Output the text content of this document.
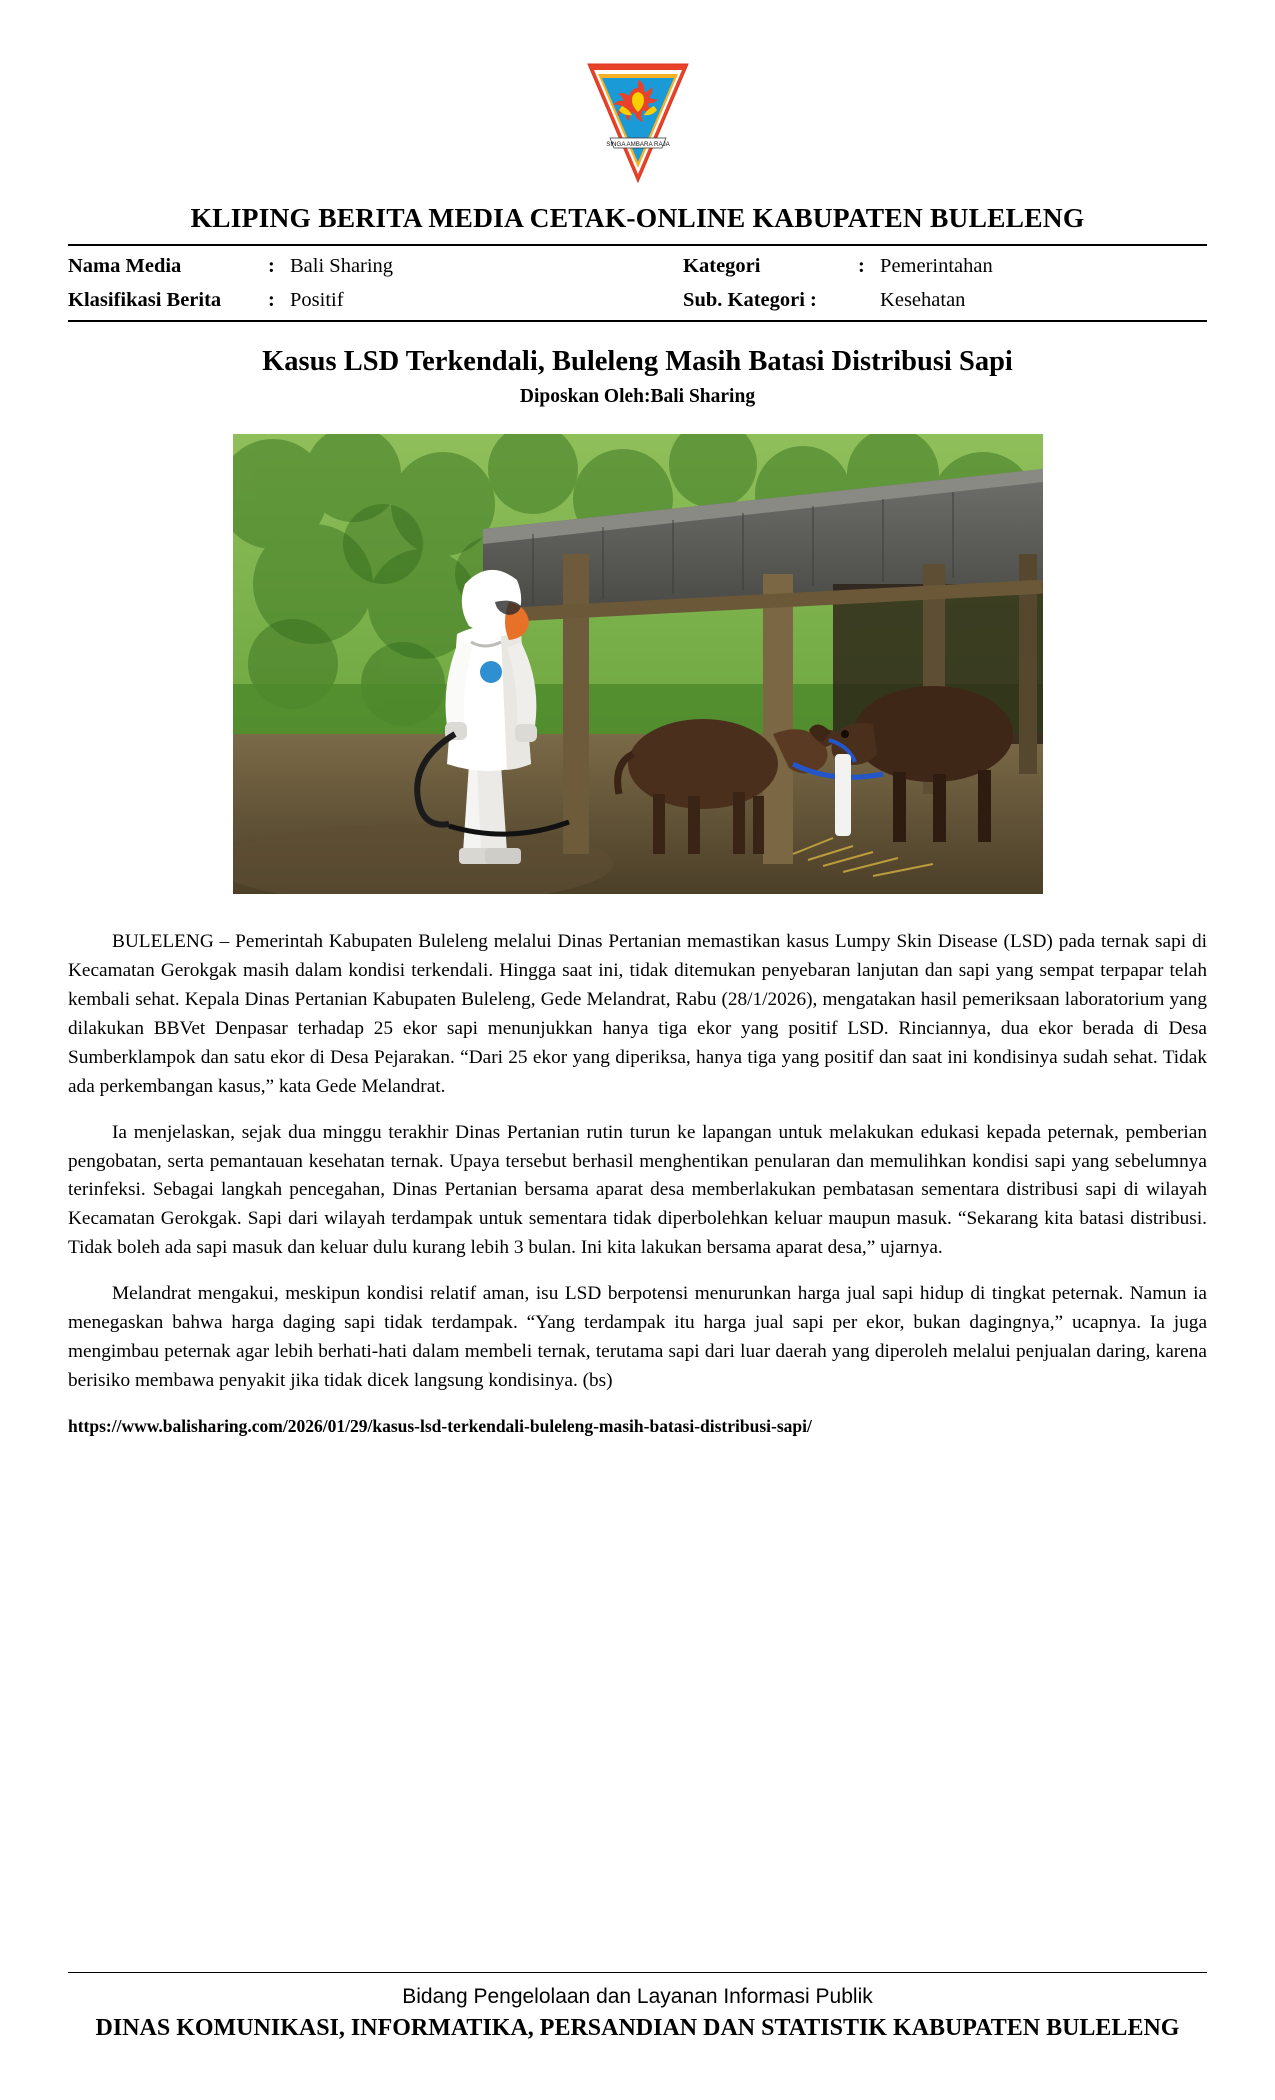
SINGA AMBARA RAJA
KLIPING BERITA MEDIA CETAK-ONLINE KABUPATEN BULELENG
Nama Media	: Bali Sharing
Klasifikasi Berita	: Positif
Kategori	: Pemerintahan
Sub. Kategori :	Kesehatan
Kasus LSD Terkendali, Buleleng Masih Batasi Distribusi Sapi
Diposkan Oleh:Bali Sharing

BULELENG – Pemerintah Kabupaten Buleleng melalui Dinas Pertanian memastikan kasus Lumpy Skin Disease (LSD) pada ternak sapi di Kecamatan Gerokgak masih dalam kondisi terkendali. Hingga saat ini, tidak ditemukan penyebaran lanjutan dan sapi yang sempat terpapar telah kembali sehat. Kepala Dinas Pertanian Kabupaten Buleleng, Gede Melandrat, Rabu (28/1/2026), mengatakan hasil pemeriksaan laboratorium yang dilakukan BBVet Denpasar terhadap 25 ekor sapi menunjukkan hanya tiga ekor yang positif LSD. Rinciannya, dua ekor berada di Desa Sumberklampok dan satu ekor di Desa Pejarakan. “Dari 25 ekor yang diperiksa, hanya tiga yang positif dan saat ini kondisinya sudah sehat. Tidak ada perkembangan kasus,” kata Gede Melandrat.

Ia menjelaskan, sejak dua minggu terakhir Dinas Pertanian rutin turun ke lapangan untuk melakukan edukasi kepada peternak, pemberian pengobatan, serta pemantauan kesehatan ternak. Upaya tersebut berhasil menghentikan penularan dan memulihkan kondisi sapi yang sebelumnya terinfeksi. Sebagai langkah pencegahan, Dinas Pertanian bersama aparat desa memberlakukan pembatasan sementara distribusi sapi di wilayah Kecamatan Gerokgak. Sapi dari wilayah terdampak untuk sementara tidak diperbolehkan keluar maupun masuk. “Sekarang kita batasi distribusi. Tidak boleh ada sapi masuk dan keluar dulu kurang lebih 3 bulan. Ini kita lakukan bersama aparat desa,” ujarnya.

Melandrat mengakui, meskipun kondisi relatif aman, isu LSD berpotensi menurunkan harga jual sapi hidup di tingkat peternak. Namun ia menegaskan bahwa harga daging sapi tidak terdampak. “Yang terdampak itu harga jual sapi per ekor, bukan dagingnya,” ucapnya. Ia juga mengimbau peternak agar lebih berhati-hati dalam membeli ternak, terutama sapi dari luar daerah yang diperoleh melalui penjualan daring, karena berisiko membawa penyakit jika tidak dicek langsung kondisinya. (bs)

https://www.balisharing.com/2026/01/29/kasus-lsd-terkendali-buleleng-masih-batasi-distribusi-sapi/
Bidang Pengelolaan dan Layanan Informasi Publik
DINAS KOMUNIKASI, INFORMATIKA, PERSANDIAN DAN STATISTIK KABUPATEN BULELENG
